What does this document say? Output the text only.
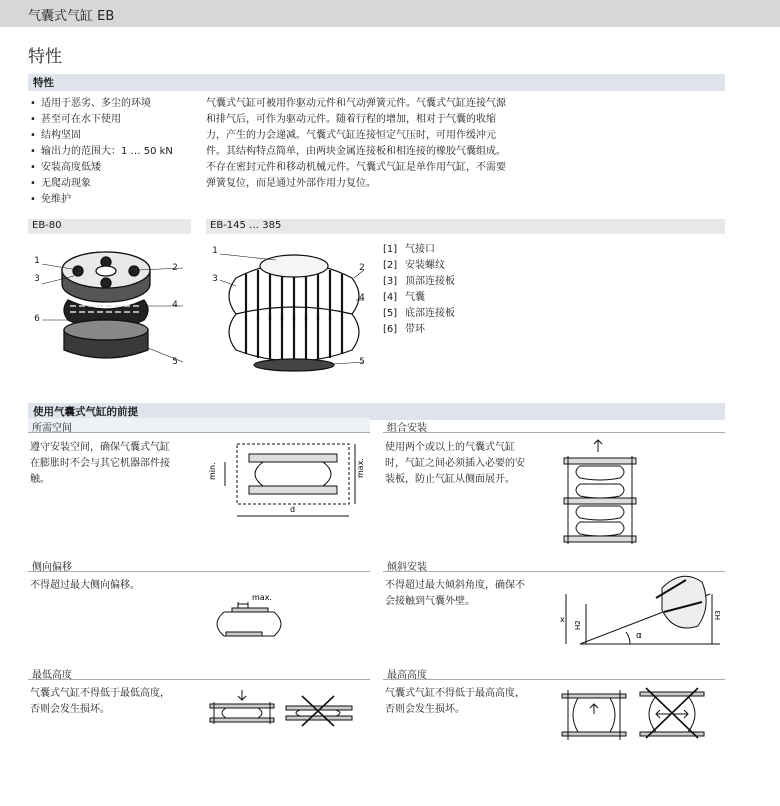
气囊式气缸 EB
特性
特性
• 适用于恶劣、多尘的环境
• 甚至可在水下使用
• 结构坚固
• 输出力的范围大：1 … 50 kN
• 安装高度低矮
• 无爬动现象
• 免维护
气囊式气缸可被用作驱动元件和气动弹簧元件。气囊式气缸连接气源
和排气后，可作为驱动元件。随着行程的增加，相对于气囊的收缩
力，产生的力会递减。气囊式气缸连接恒定气压时，可用作缓冲元
件。其结构特点简单，由两块金属连接板和相连接的橡胶气囊组成。
不存在密封元件和移动机械元件。气囊式气缸是单作用气缸，不需要
弹簧复位，而是通过外部作用力复位。
EB-80	EB-145 … 385
1
3
2
4
6
5
1
3
2
4
5
[1] 气接口
[2] 安装螺纹
[3] 顶部连接板
[4] 气囊
[5] 底部连接板
[6] 带环
使用气囊式气缸的前提
所需空间
遵守安装空间，确保气囊式气缸
在膨胀时不会与其它机器部件接
触。	min.	max.
d
组合安装
使用两个或以上的气囊式气缸
时，气缸之间必须插入必要的安
装板，防止气缸从侧面展开。
侧向偏移
不得超过最大侧向偏移。
max.
倾斜安装
不得超过最大倾斜角度，确保不
会接触到气囊外壁。
x
H2
H3
α
最低高度
气囊式气缸不得低于最低高度，
否则会发生损坏。
最高高度
气囊式气缸不得低于最高高度，
否则会发生损坏。
